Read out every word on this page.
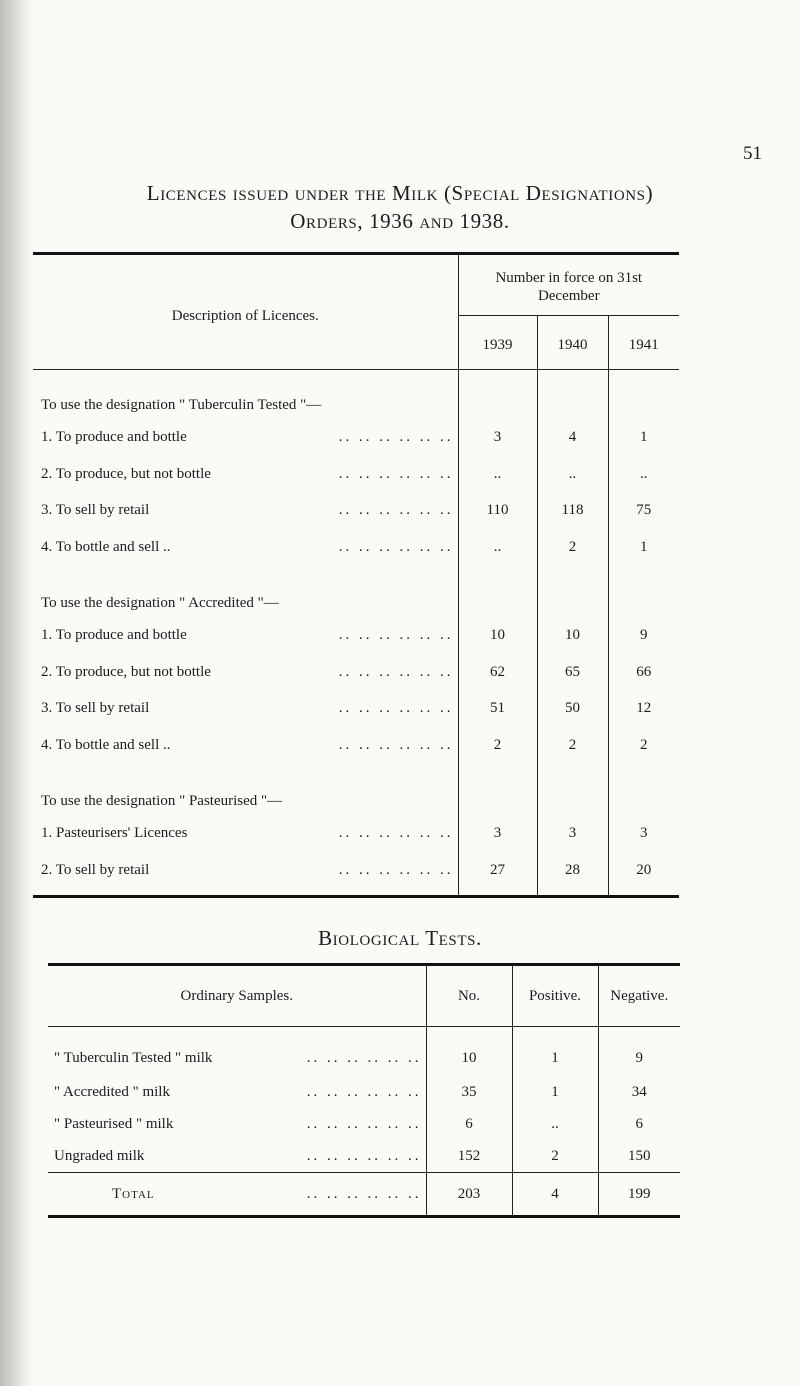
51
Licences issued under the Milk (Special Designations)
Orders, 1936 and 1938.
Description of Licences.	Number in force on 31st December		
	1939	1940	1941
To use the designation " Tuberculin Tested "—			
1. To produce and bottle .. .. .. .. .. ..	3	4	1
2. To produce, but not bottle .. .. .. .. .. ..	..	..	..
3. To sell by retail .. .. .. .. .. ..	110	118	75
4. To bottle and sell .. .. .. .. .. .. ..	..	2	1
To use the designation " Accredited "—			
1. To produce and bottle .. .. .. .. .. ..	10	10	9
2. To produce, but not bottle .. .. .. .. .. ..	62	65	66
3. To sell by retail .. .. .. .. .. ..	51	50	12
4. To bottle and sell .. .. .. .. .. .. ..	2	2	2
To use the designation " Pasteurised "—			
1. Pasteurisers' Licences .. .. .. .. .. ..	3	3	3
2. To sell by retail .. .. .. .. .. ..	27	28	20

Biological Tests.
Ordinary Samples.	No.	Positive.	Negative.
" Tuberculin Tested " milk .. .. .. .. .. ..	10	1	9
" Accredited " milk .. .. .. .. .. ..	35	1	34
" Pasteurised " milk .. .. .. .. .. ..	6	..	6
Ungraded milk .. .. .. .. .. ..	152	2	150
Total .. .. .. .. .. ..	203	4	199
